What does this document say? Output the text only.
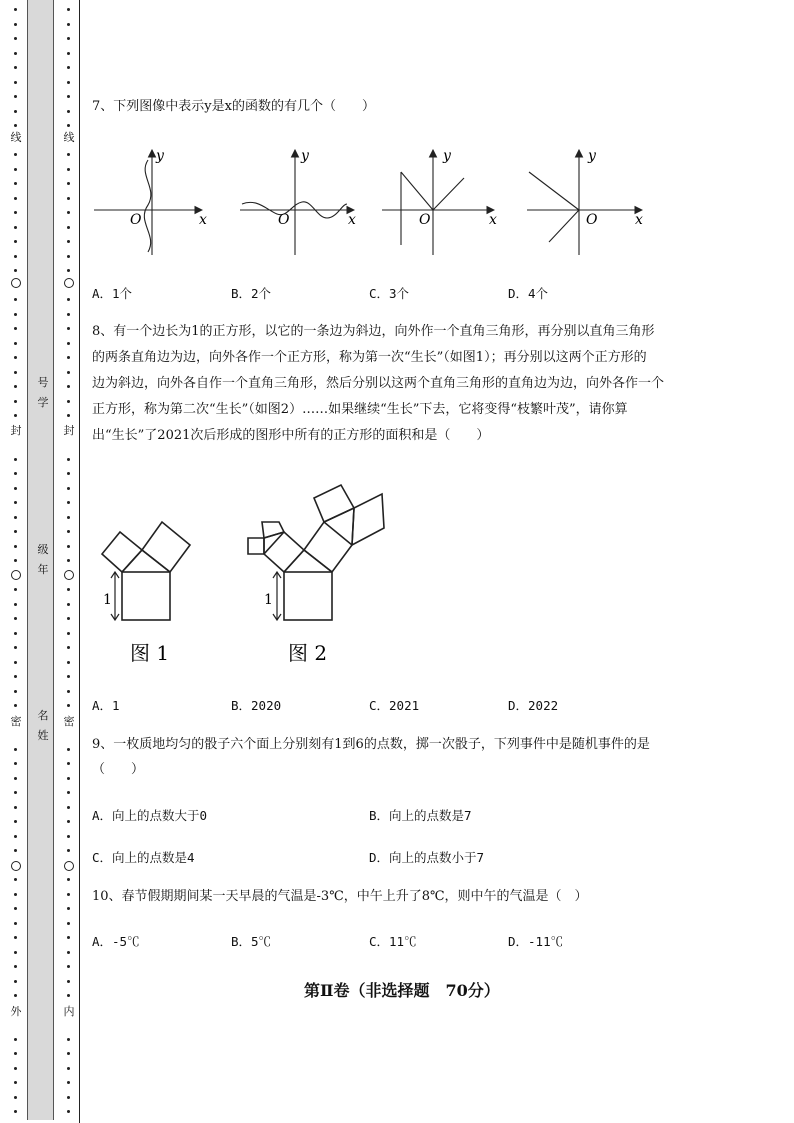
线
封
密
外
线
封
密
内
号
学
级
年
名
姓
7、下列图像中表示y是x的函数的有几个（　　）
y
x
O
y
x
O
y
x
O
y
x
O
A．1个	B．2个	C．3个	D．4个
8、有一个边长为1的正方形，以它的一条边为斜边，向外作一个直角三角形，再分别以直角三角形
的两条直角边为边，向外各作一个正方形，称为第一次“生长”（如图1）；再分别以这两个正方形的
边为斜边，向外各自作一个直角三角形，然后分别以这两个直角三角形的直角边为边，向外各作一个
正方形，称为第二次“生长”（如图2）……如果继续“生长”下去，它将变得“枝繁叶茂”，请你算
出“生长”了2021次后形成的图形中所有的正方形的面积和是（　　）
1
图 1
1
图 2
A．1	B．2020	C．2021	D．2022
9、一枚质地均匀的骰子六个面上分别刻有1到6的点数，掷一次骰子，下列事件中是随机事件的是
（　　）
A．向上的点数大于0	B．向上的点数是7
C．向上的点数是4	D．向上的点数小于7
10、春节假期期间某一天早晨的气温是-3℃，中午上升了8℃，则中午的气温是（　）
A．-5℃	B．5℃	C．11℃	D．-11℃
第Ⅱ卷（非选择题　70分）
